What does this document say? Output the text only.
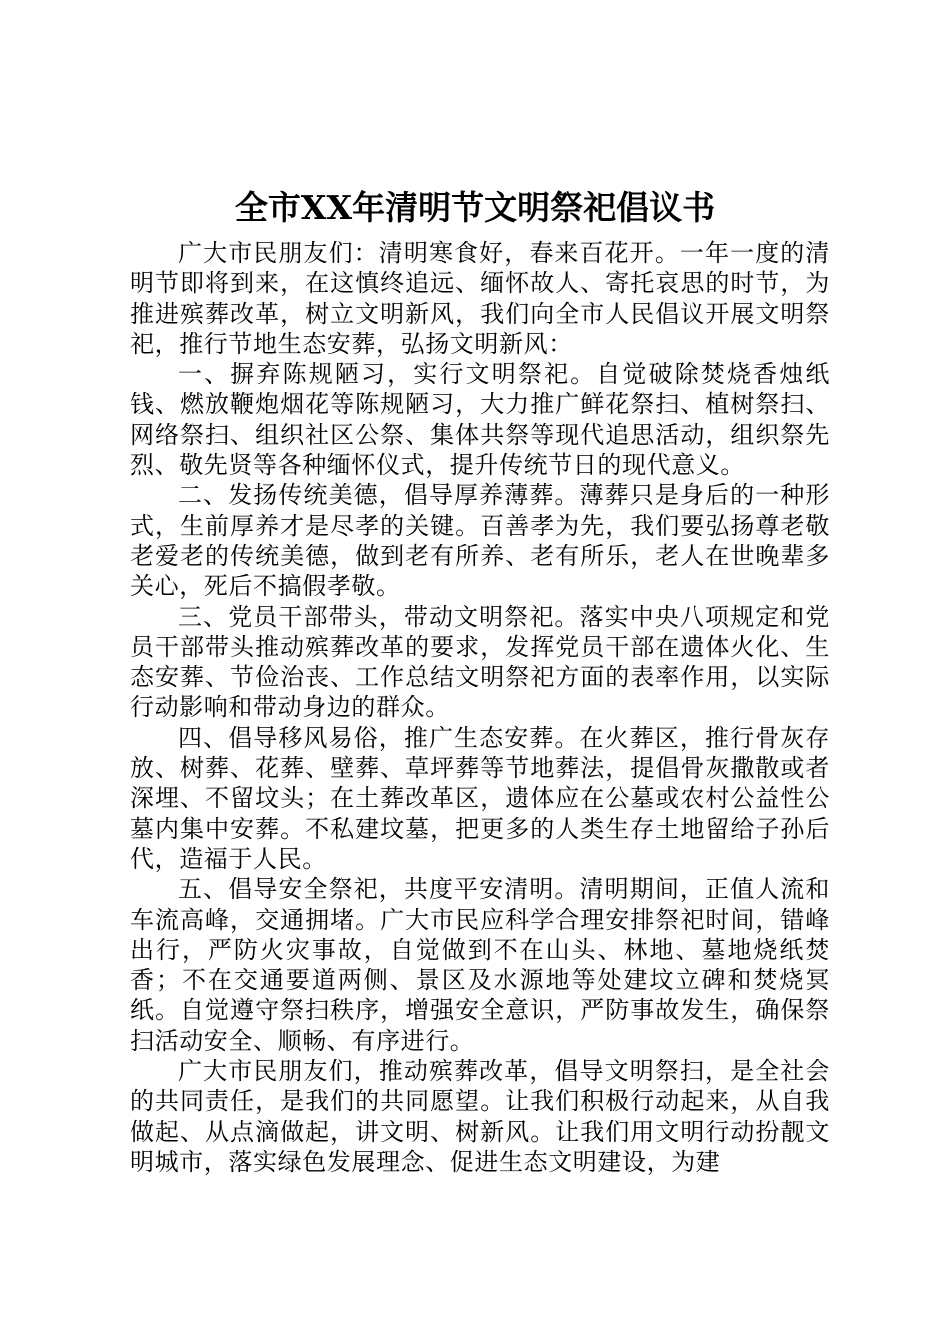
全市XX年清明节文明祭祀倡议书

广大市民朋友们：清明寒食好，春来百花开。一年一度的清明节即将到来，在这慎终追远、缅怀故人、寄托哀思的时节，为推进殡葬改革，树立文明新风，我们向全市人民倡议开展文明祭祀，推行节地生态安葬，弘扬文明新风：

一、摒弃陈规陋习，实行文明祭祀。自觉破除焚烧香烛纸钱、燃放鞭炮烟花等陈规陋习，大力推广鲜花祭扫、植树祭扫、网络祭扫、组织社区公祭、集体共祭等现代追思活动，组织祭先烈、敬先贤等各种缅怀仪式，提升传统节日的现代意义。

二、发扬传统美德，倡导厚养薄葬。薄葬只是身后的一种形式，生前厚养才是尽孝的关键。百善孝为先，我们要弘扬尊老敬老爱老的传统美德，做到老有所养、老有所乐，老人在世晚辈多关心，死后不搞假孝敬。

三、党员干部带头，带动文明祭祀。落实中央八项规定和党员干部带头推动殡葬改革的要求，发挥党员干部在遗体火化、生态安葬、节俭治丧、工作总结文明祭祀方面的表率作用，以实际行动影响和带动身边的群众。

四、倡导移风易俗，推广生态安葬。在火葬区，推行骨灰存放、树葬、花葬、壁葬、草坪葬等节地葬法，提倡骨灰撒散或者深埋、不留坟头；在土葬改革区，遗体应在公墓或农村公益性公墓内集中安葬。不私建坟墓，把更多的人类生存土地留给子孙后代，造福于人民。

五、倡导安全祭祀，共度平安清明。清明期间，正值人流和车流高峰，交通拥堵。广大市民应科学合理安排祭祀时间，错峰出行，严防火灾事故，自觉做到不在山头、林地、墓地烧纸焚香；不在交通要道两侧、景区及水源地等处建坟立碑和焚烧冥纸。自觉遵守祭扫秩序，增强安全意识，严防事故发生，确保祭扫活动安全、顺畅、有序进行。

广大市民朋友们，推动殡葬改革，倡导文明祭扫，是全社会的共同责任，是我们的共同愿望。让我们积极行动起来，从自我做起、从点滴做起，讲文明、树新风。让我们用文明行动扮靓文明城市，落实绿色发展理念、促进生态文明建设，为建
